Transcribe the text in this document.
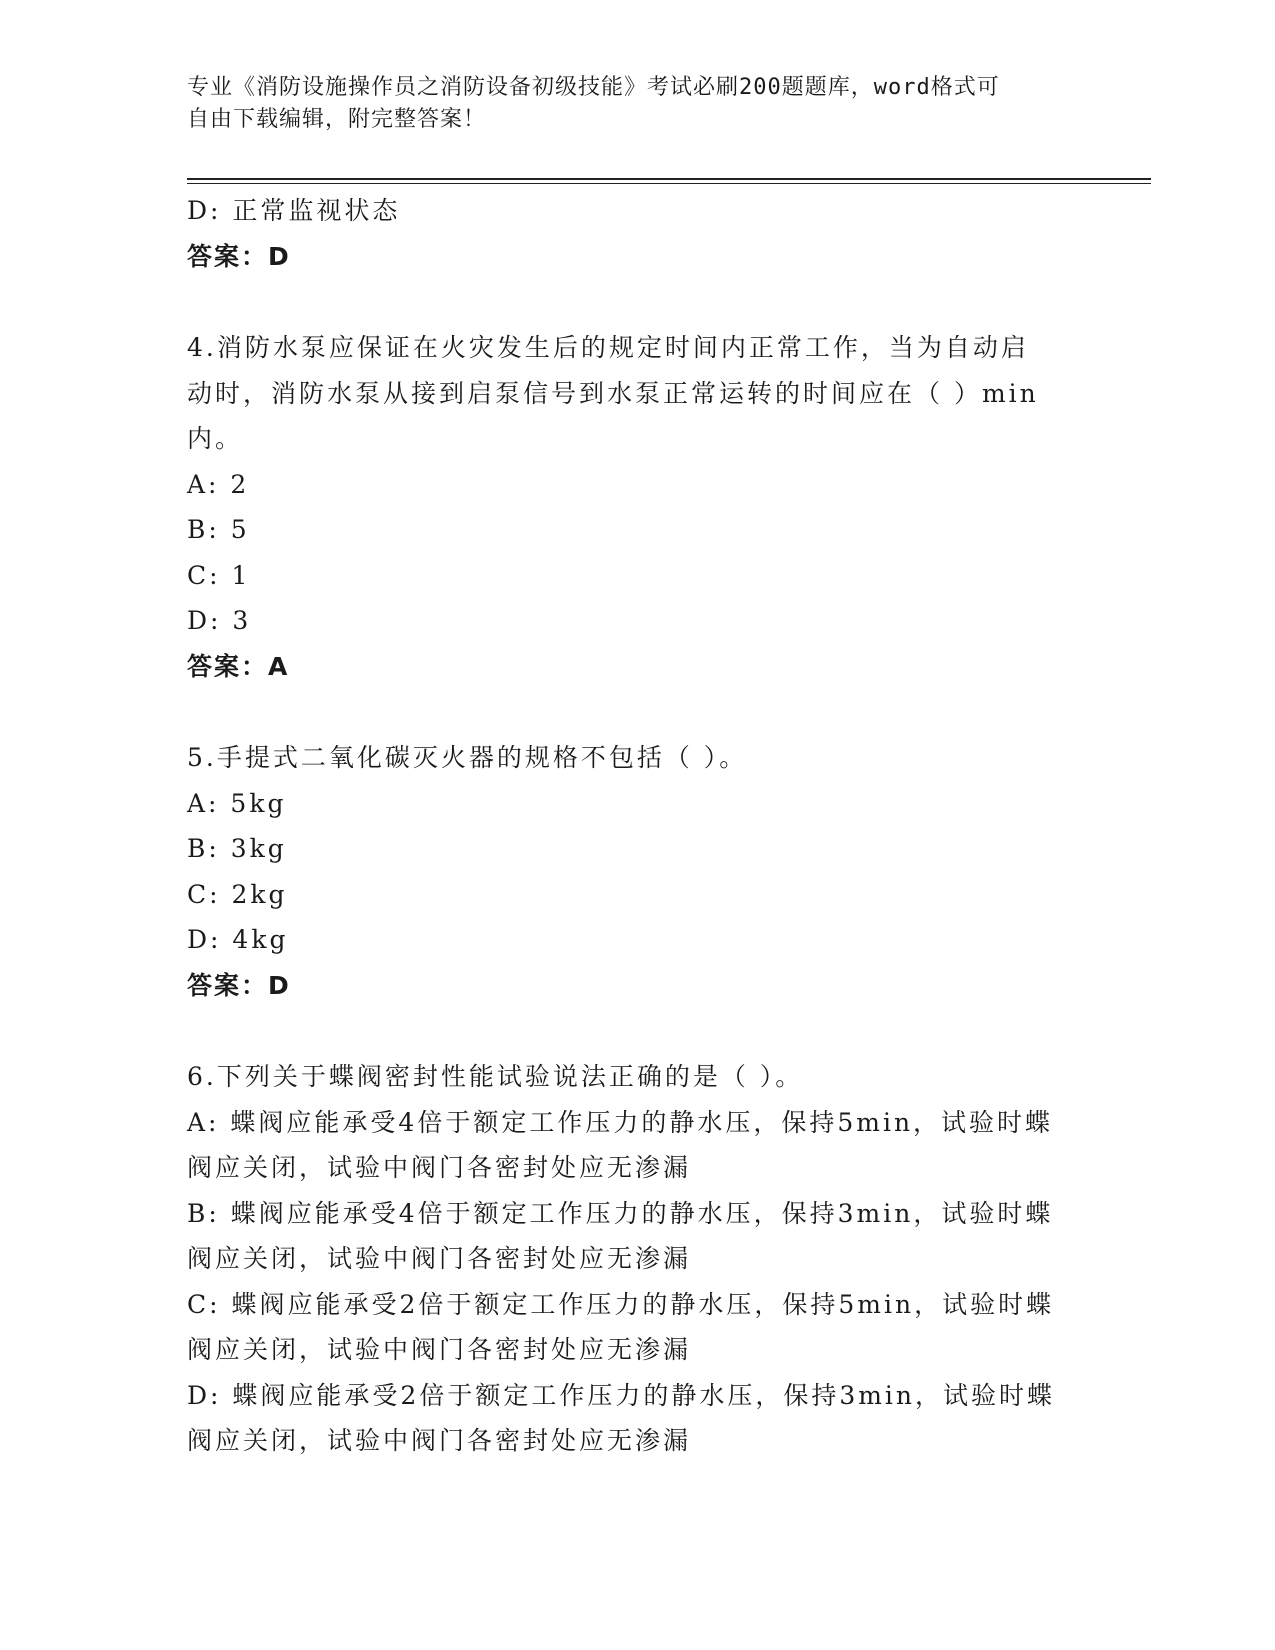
专业《消防设施操作员之消防设备初级技能》考试必刷200题题库，word格式可
自由下载编辑，附完整答案！
D: 正常监视状态
答案：D
4.消防水泵应保证在火灾发生后的规定时间内正常工作，当为自动启
动时，消防水泵从接到启泵信号到水泵正常运转的时间应在（ ）min
内。
A: 2
B: 5
C: 1
D: 3
答案：A
5.手提式二氧化碳灭火器的规格不包括（ ）。
A: 5kg
B: 3kg
C: 2kg
D: 4kg
答案：D
6.下列关于蝶阀密封性能试验说法正确的是（ ）。
A: 蝶阀应能承受4倍于额定工作压力的静水压，保持5min，试验时蝶
阀应关闭，试验中阀门各密封处应无渗漏
B: 蝶阀应能承受4倍于额定工作压力的静水压，保持3min，试验时蝶
阀应关闭，试验中阀门各密封处应无渗漏
C: 蝶阀应能承受2倍于额定工作压力的静水压，保持5min，试验时蝶
阀应关闭，试验中阀门各密封处应无渗漏
D: 蝶阀应能承受2倍于额定工作压力的静水压，保持3min，试验时蝶
阀应关闭，试验中阀门各密封处应无渗漏
